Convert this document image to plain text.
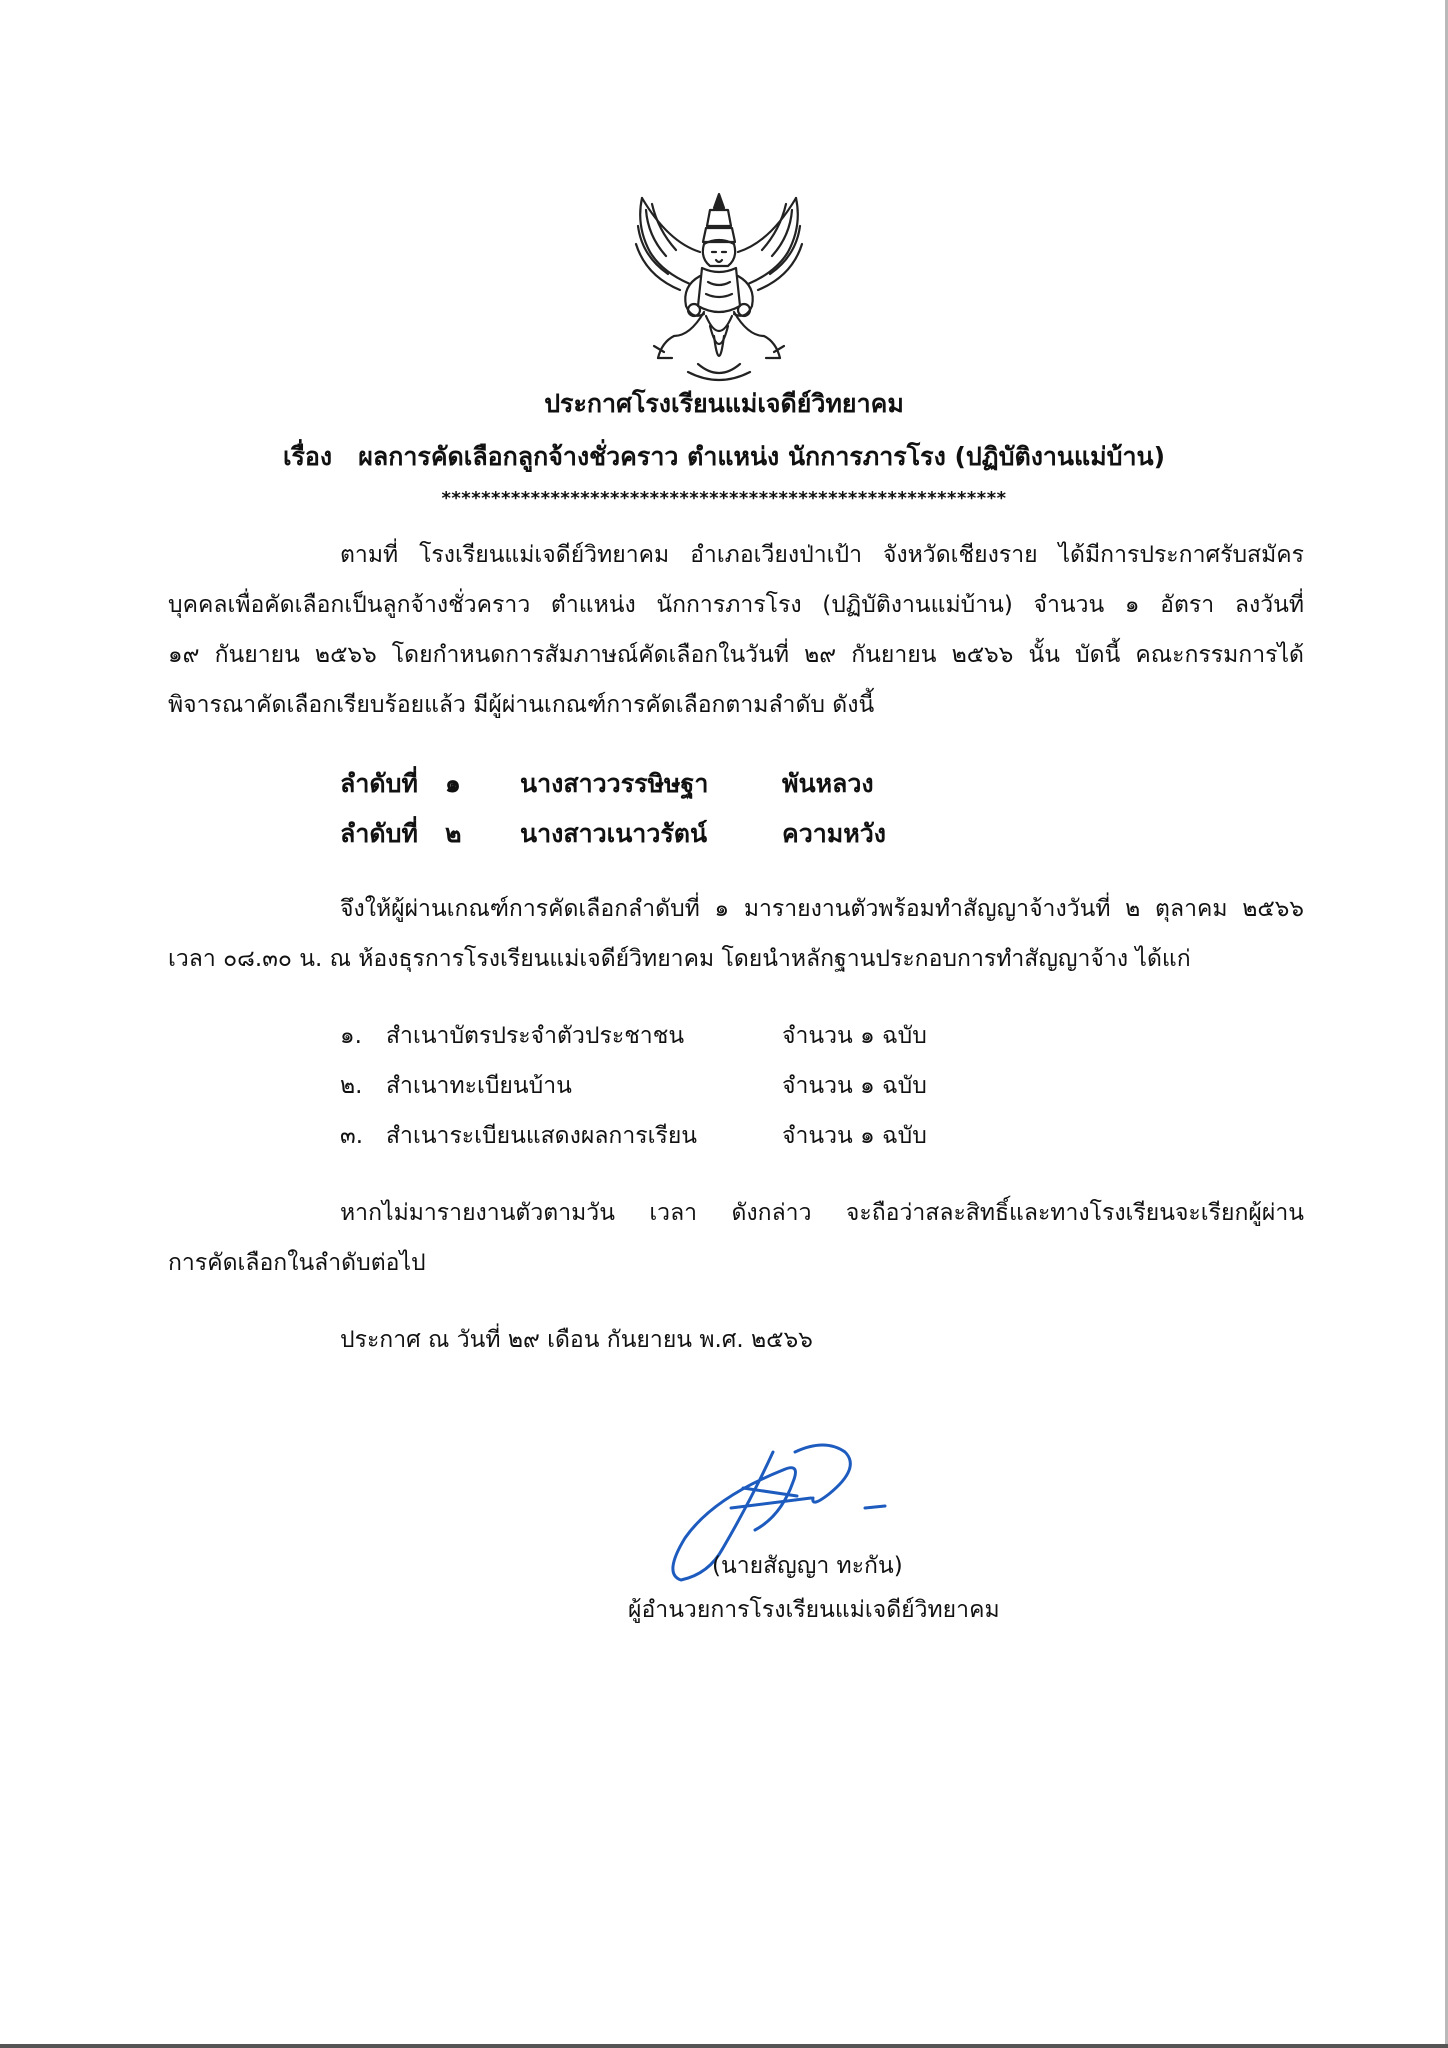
ประกาศโรงเรียนแม่เจดีย์วิทยาคม
เรื่อง ผลการคัดเลือกลูกจ้างชั่วคราว ตำแหน่ง นักการภารโรง (ปฏิบัติงานแม่บ้าน)
*********************************************************
ตามที่ โรงเรียนแม่เจดีย์วิทยาคม อำเภอเวียงป่าเป้า จังหวัดเชียงราย ได้มีการประกาศรับสมัคร
บุคคลเพื่อคัดเลือกเป็นลูกจ้างชั่วคราว ตำแหน่ง นักการภารโรง (ปฏิบัติงานแม่บ้าน) จำนวน ๑ อัตรา ลงวันที่
๑๙ กันยายน ๒๕๖๖ โดยกำหนดการสัมภาษณ์คัดเลือกในวันที่ ๒๙ กันยายน ๒๕๖๖ นั้น บัดนี้ คณะกรรมการได้
พิจารณาคัดเลือกเรียบร้อยแล้ว มีผู้ผ่านเกณฑ์การคัดเลือกตามลำดับ ดังนี้
ลำดับที่ ๑ นางสาววรรษิษฐา	พันหลวง
ลำดับที่ ๒ นางสาวเนาวรัตน์	ความหวัง
จึงให้ผู้ผ่านเกณฑ์การคัดเลือกลำดับที่ ๑ มารายงานตัวพร้อมทำสัญญาจ้างวันที่ ๒ ตุลาคม ๒๕๖๖
เวลา ๐๘.๓๐ น. ณ ห้องธุรการโรงเรียนแม่เจดีย์วิทยาคม โดยนำหลักฐานประกอบการทำสัญญาจ้าง ได้แก่
๑. สำเนาบัตรประจำตัวประชาชน	จำนวน ๑ ฉบับ
๒. สำเนาทะเบียนบ้าน	จำนวน ๑ ฉบับ
๓. สำเนาระเบียนแสดงผลการเรียน	จำนวน ๑ ฉบับ
หากไม่มารายงานตัวตามวัน เวลา ดังกล่าว จะถือว่าสละสิทธิ์และทางโรงเรียนจะเรียกผู้ผ่าน
การคัดเลือกในลำดับต่อไป
ประกาศ ณ วันที่ ๒๙ เดือน กันยายน พ.ศ. ๒๕๖๖
(นายสัญญา ทะกัน)
ผู้อำนวยการโรงเรียนแม่เจดีย์วิทยาคม
